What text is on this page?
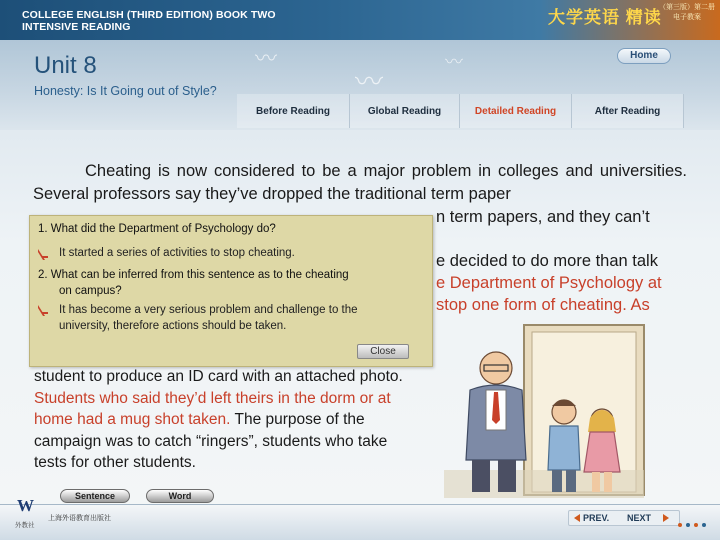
COLLEGE ENGLISH (THIRD EDITION) BOOK TWO
INTENSIVE READING	大学英语 精读
（第三版）第二册
电子教案
〰
〰
〰
Unit 8
Honesty: Is It Going out of Style?
Home
Before Reading	Global Reading	Detailed Reading	After Reading
Cheating is now considered to be a major problem in colleges and universities. Several professors say they’ve dropped the traditional term paper
n term papers, and they can’t
e decided to do more than talk
e Department of Psychology at
stop one form of cheating. As
1. What did the Department of Psychology do?
It started a series of activities to stop cheating.
2. What can be inferred from this sentence as to the cheating
on campus?
It has become a very serious problem and challenge to the
university, therefore actions should be taken.
Close
student to produce an ID card with an attached photo. Students who said they’d left theirs in the dorm or at home had a mug shot taken. The purpose of the campaign was to catch “ringers”, students who take tests for other students.
W
外教社
上海外语教育出版社
Sentence	Word
PREV.	NEXT
